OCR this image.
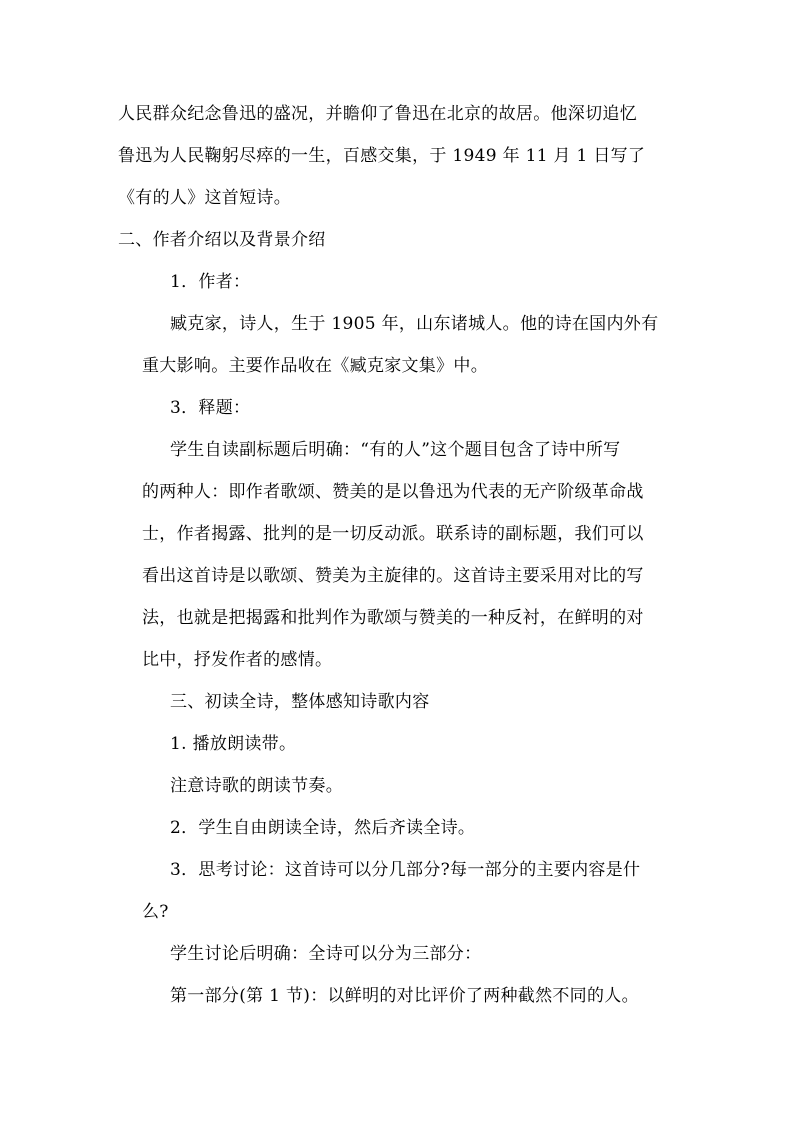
人民群众纪念鲁迅的盛况，并瞻仰了鲁迅在北京的故居。他深切追忆

鲁迅为人民鞠躬尽瘁的一生，百感交集，于 1949 年 11 月 1 日写了

《有的人》这首短诗。

二、作者介绍以及背景介绍

1．作者：

臧克家，诗人，生于 1905 年，山东诸城人。他的诗在国内外有

重大影响。主要作品收在《臧克家文集》中。

3．释题：

学生自读副标题后明确：“有的人”这个题目包含了诗中所写

的两种人：即作者歌颂、赞美的是以鲁迅为代表的无产阶级革命战

士，作者揭露、批判的是一切反动派。联系诗的副标题，我们可以

看出这首诗是以歌颂、赞美为主旋律的。这首诗主要采用对比的写

法，也就是把揭露和批判作为歌颂与赞美的一种反衬，在鲜明的对

比中，抒发作者的感情。

三、初读全诗，整体感知诗歌内容

1. 播放朗读带。

注意诗歌的朗读节奏。

2．学生自由朗读全诗，然后齐读全诗。

3．思考讨论：这首诗可以分几部分?每一部分的主要内容是什

么?

学生讨论后明确：全诗可以分为三部分：

第一部分(第 1 节)：以鲜明的对比评价了两种截然不同的人。
